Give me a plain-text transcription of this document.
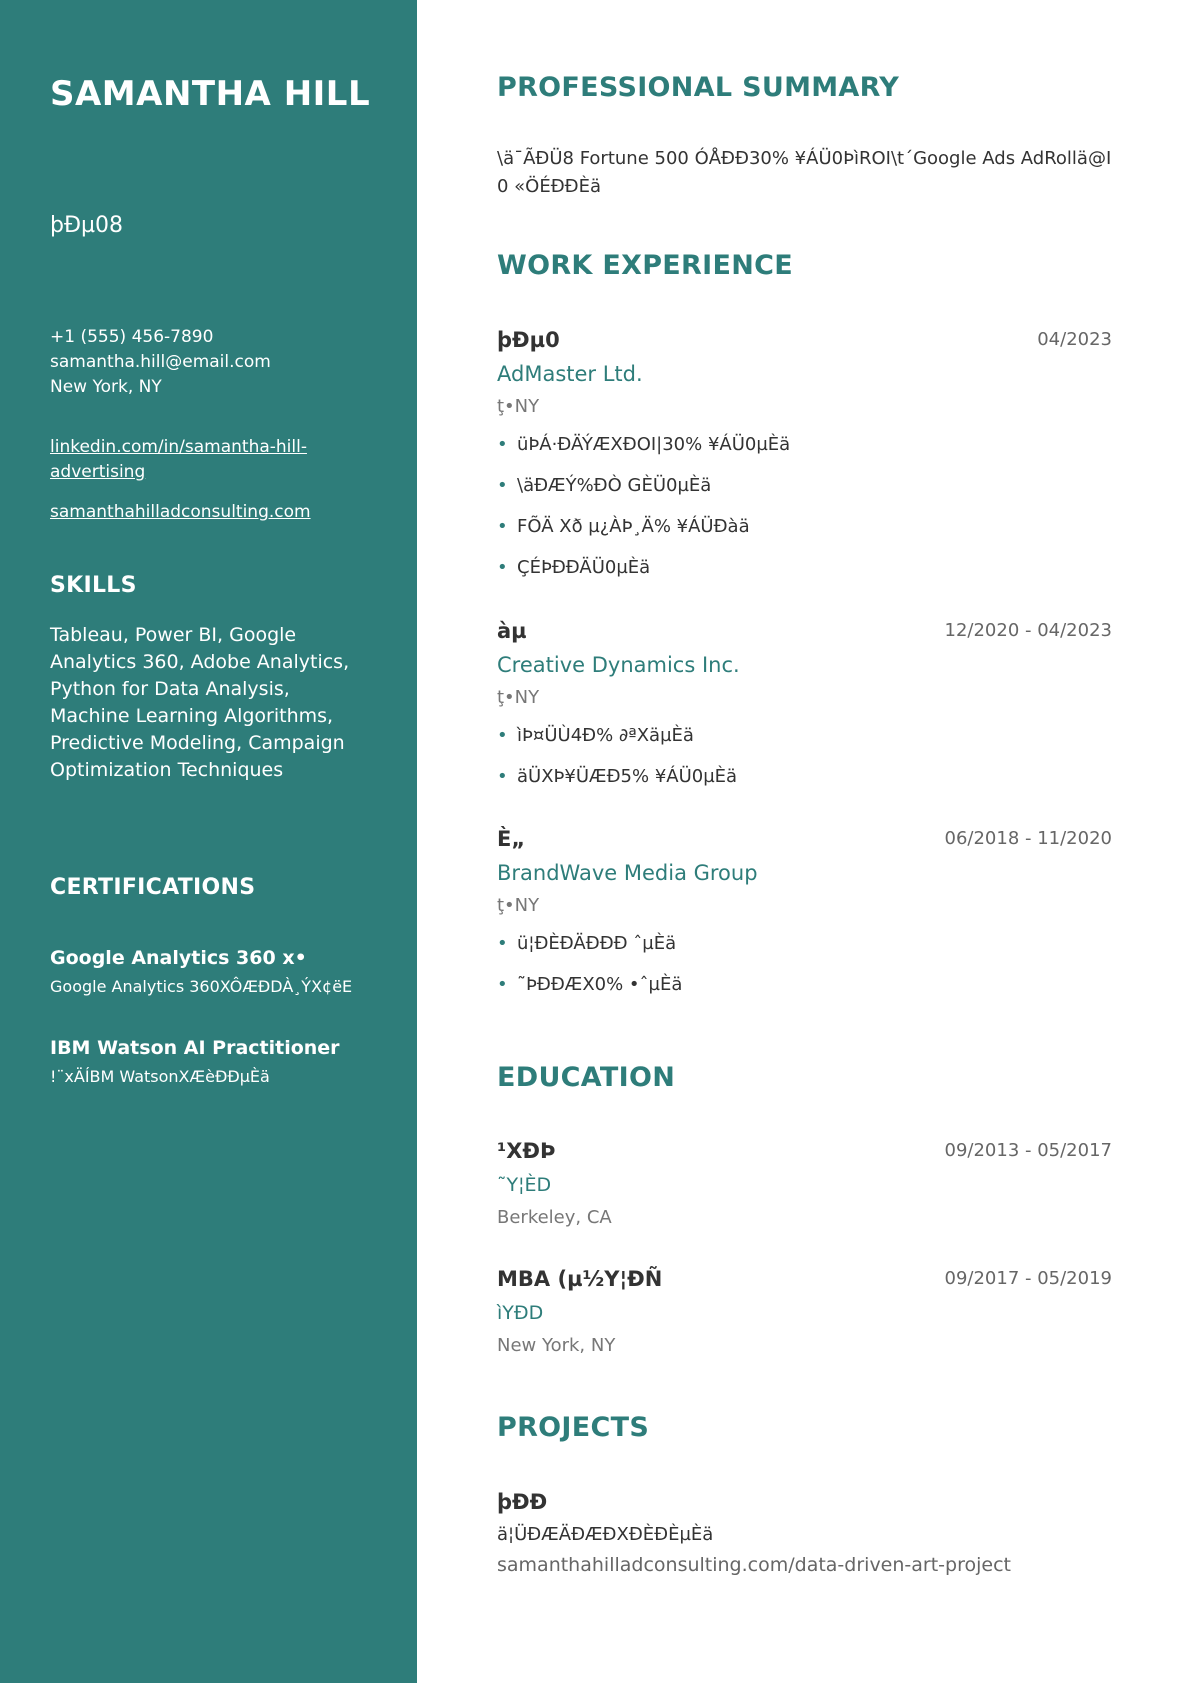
SAMANTHA HILL
þÐµ08
+1 (555) 456-7890
samantha.hill@email.com
New York, NY
linkedin.com/in/samantha-hill-advertising
samanthahilladconsulting.com
SKILLS
Tableau, Power BI, Google Analytics 360, Adobe Analytics, Python for Data Analysis, Machine Learning Algorithms, Predictive Modeling, Campaign Optimization Techniques
CERTIFICATIONS
Google Analytics 360 x•
Google Analytics 360XÔÆÐDÀ¸ÝX¢ëE
IBM Watson AI Practitioner
!¨xÄÍBM WatsonXÆèÐÐµÈä
PROFESSIONAL SUMMARY
\ä¯ÃÐÜ8 Fortune 500 ÓÅÐÐ30% ¥ÁÜ0ÞìROI\t´Google Ads AdRollä@I 0 «ÖÉÐÐÈä
WORK EXPERIENCE
þÐµ0	04/2023
AdMaster Ltd.
ţ•NY
• üÞÁ·ÐÄÝÆXÐOI|30% ¥ÁÜ0µÈä
• \äÐÆÝ%ÐÒ GÈÜ0µÈä
• FÕÄ Xð µ¿ÀÞ¸Ä% ¥ÁÜÐàä
• ÇÉÞÐÐÄÜ0µÈä
àµ	12/2020 - 04/2023
Creative Dynamics Inc.
ţ•NY
• ìÞ¤ÜÙ4Ð% ∂ªXäµÈä
• äÜXÞ¥ÜÆÐ5% ¥ÁÜ0µÈä
È„	06/2018 - 11/2020
BrandWave Media Group
ţ•NY
• ü¦ÐÈÐÄÐÐÐ ˆµÈä
• ˜ÞÐÐÆX0% •ˆµÈä
EDUCATION
¹XÐÞ	09/2013 - 05/2017
˜Y¦ÈD
Berkeley, CA
MBA (µ½Y¦ÐÑ	09/2017 - 05/2019
ìYÐD
New York, NY
PROJECTS
þÐÐ
ä¦ÜÐÆÄÐÆÐXÐÈÐÈµÈä
samanthahilladconsulting.com/data-driven-art-project
